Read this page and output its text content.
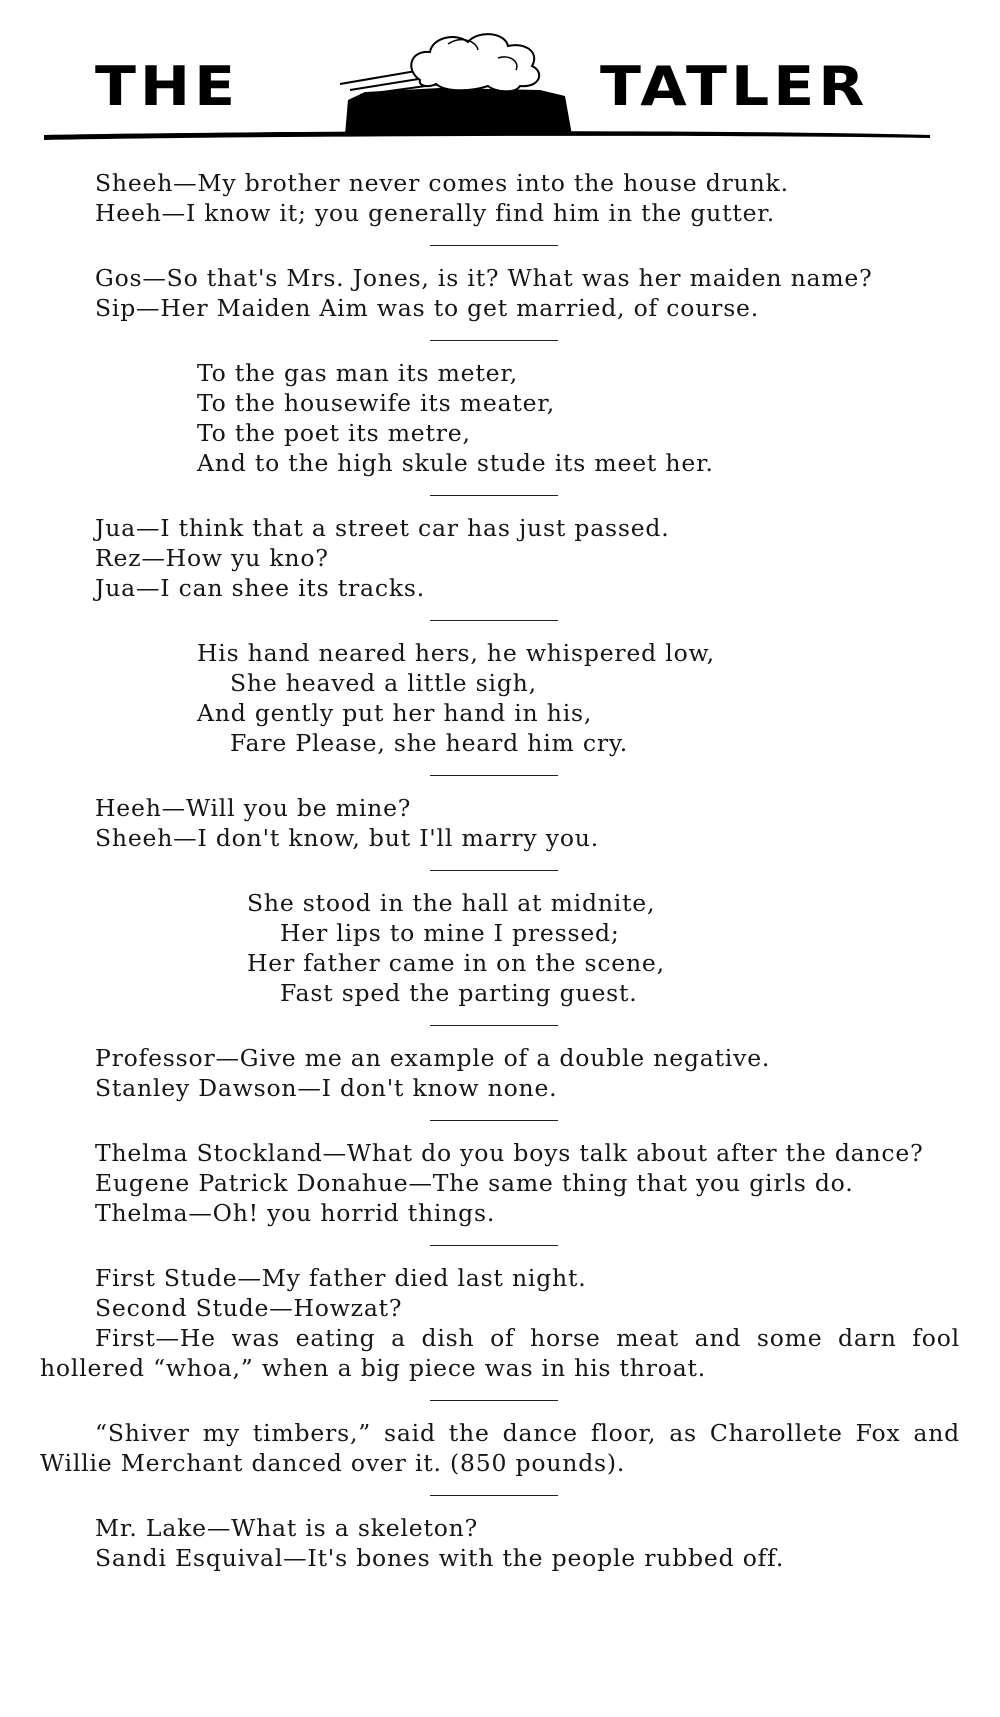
THE	TATLER

Sheeh—My brother never comes into the house drunk.

Heeh—I know it; you generally find him in the gutter.

Gos—So that's Mrs. Jones, is it? What was her maiden name?

Sip—Her Maiden Aim was to get married, of course.

To the gas man its meter,

To the housewife its meater,

To the poet its metre,

And to the high skule stude its meet her.

Jua—I think that a street car has just passed.

Rez—How yu kno?

Jua—I can shee its tracks.

His hand neared hers, he whispered low,

She heaved a little sigh,

And gently put her hand in his,

Fare Please, she heard him cry.

Heeh—Will you be mine?

Sheeh—I don't know, but I'll marry you.

She stood in the hall at midnite,

Her lips to mine I pressed;

Her father came in on the scene,

Fast sped the parting guest.

Professor—Give me an example of a double negative.

Stanley Dawson—I don't know none.

Thelma Stockland—What do you boys talk about after the dance?

Eugene Patrick Donahue—The same thing that you girls do.

Thelma—Oh! you horrid things.

First Stude—My father died last night.

Second Stude—Howzat?

First—He was eating a dish of horse meat and some darn fool hollered “whoa,” when a big piece was in his throat.

“Shiver my timbers,” said the dance floor, as Charollete Fox and Willie Merchant danced over it. (850 pounds).

Mr. Lake—What is a skeleton?

Sandi Esquival—It's bones with the people rubbed off.
